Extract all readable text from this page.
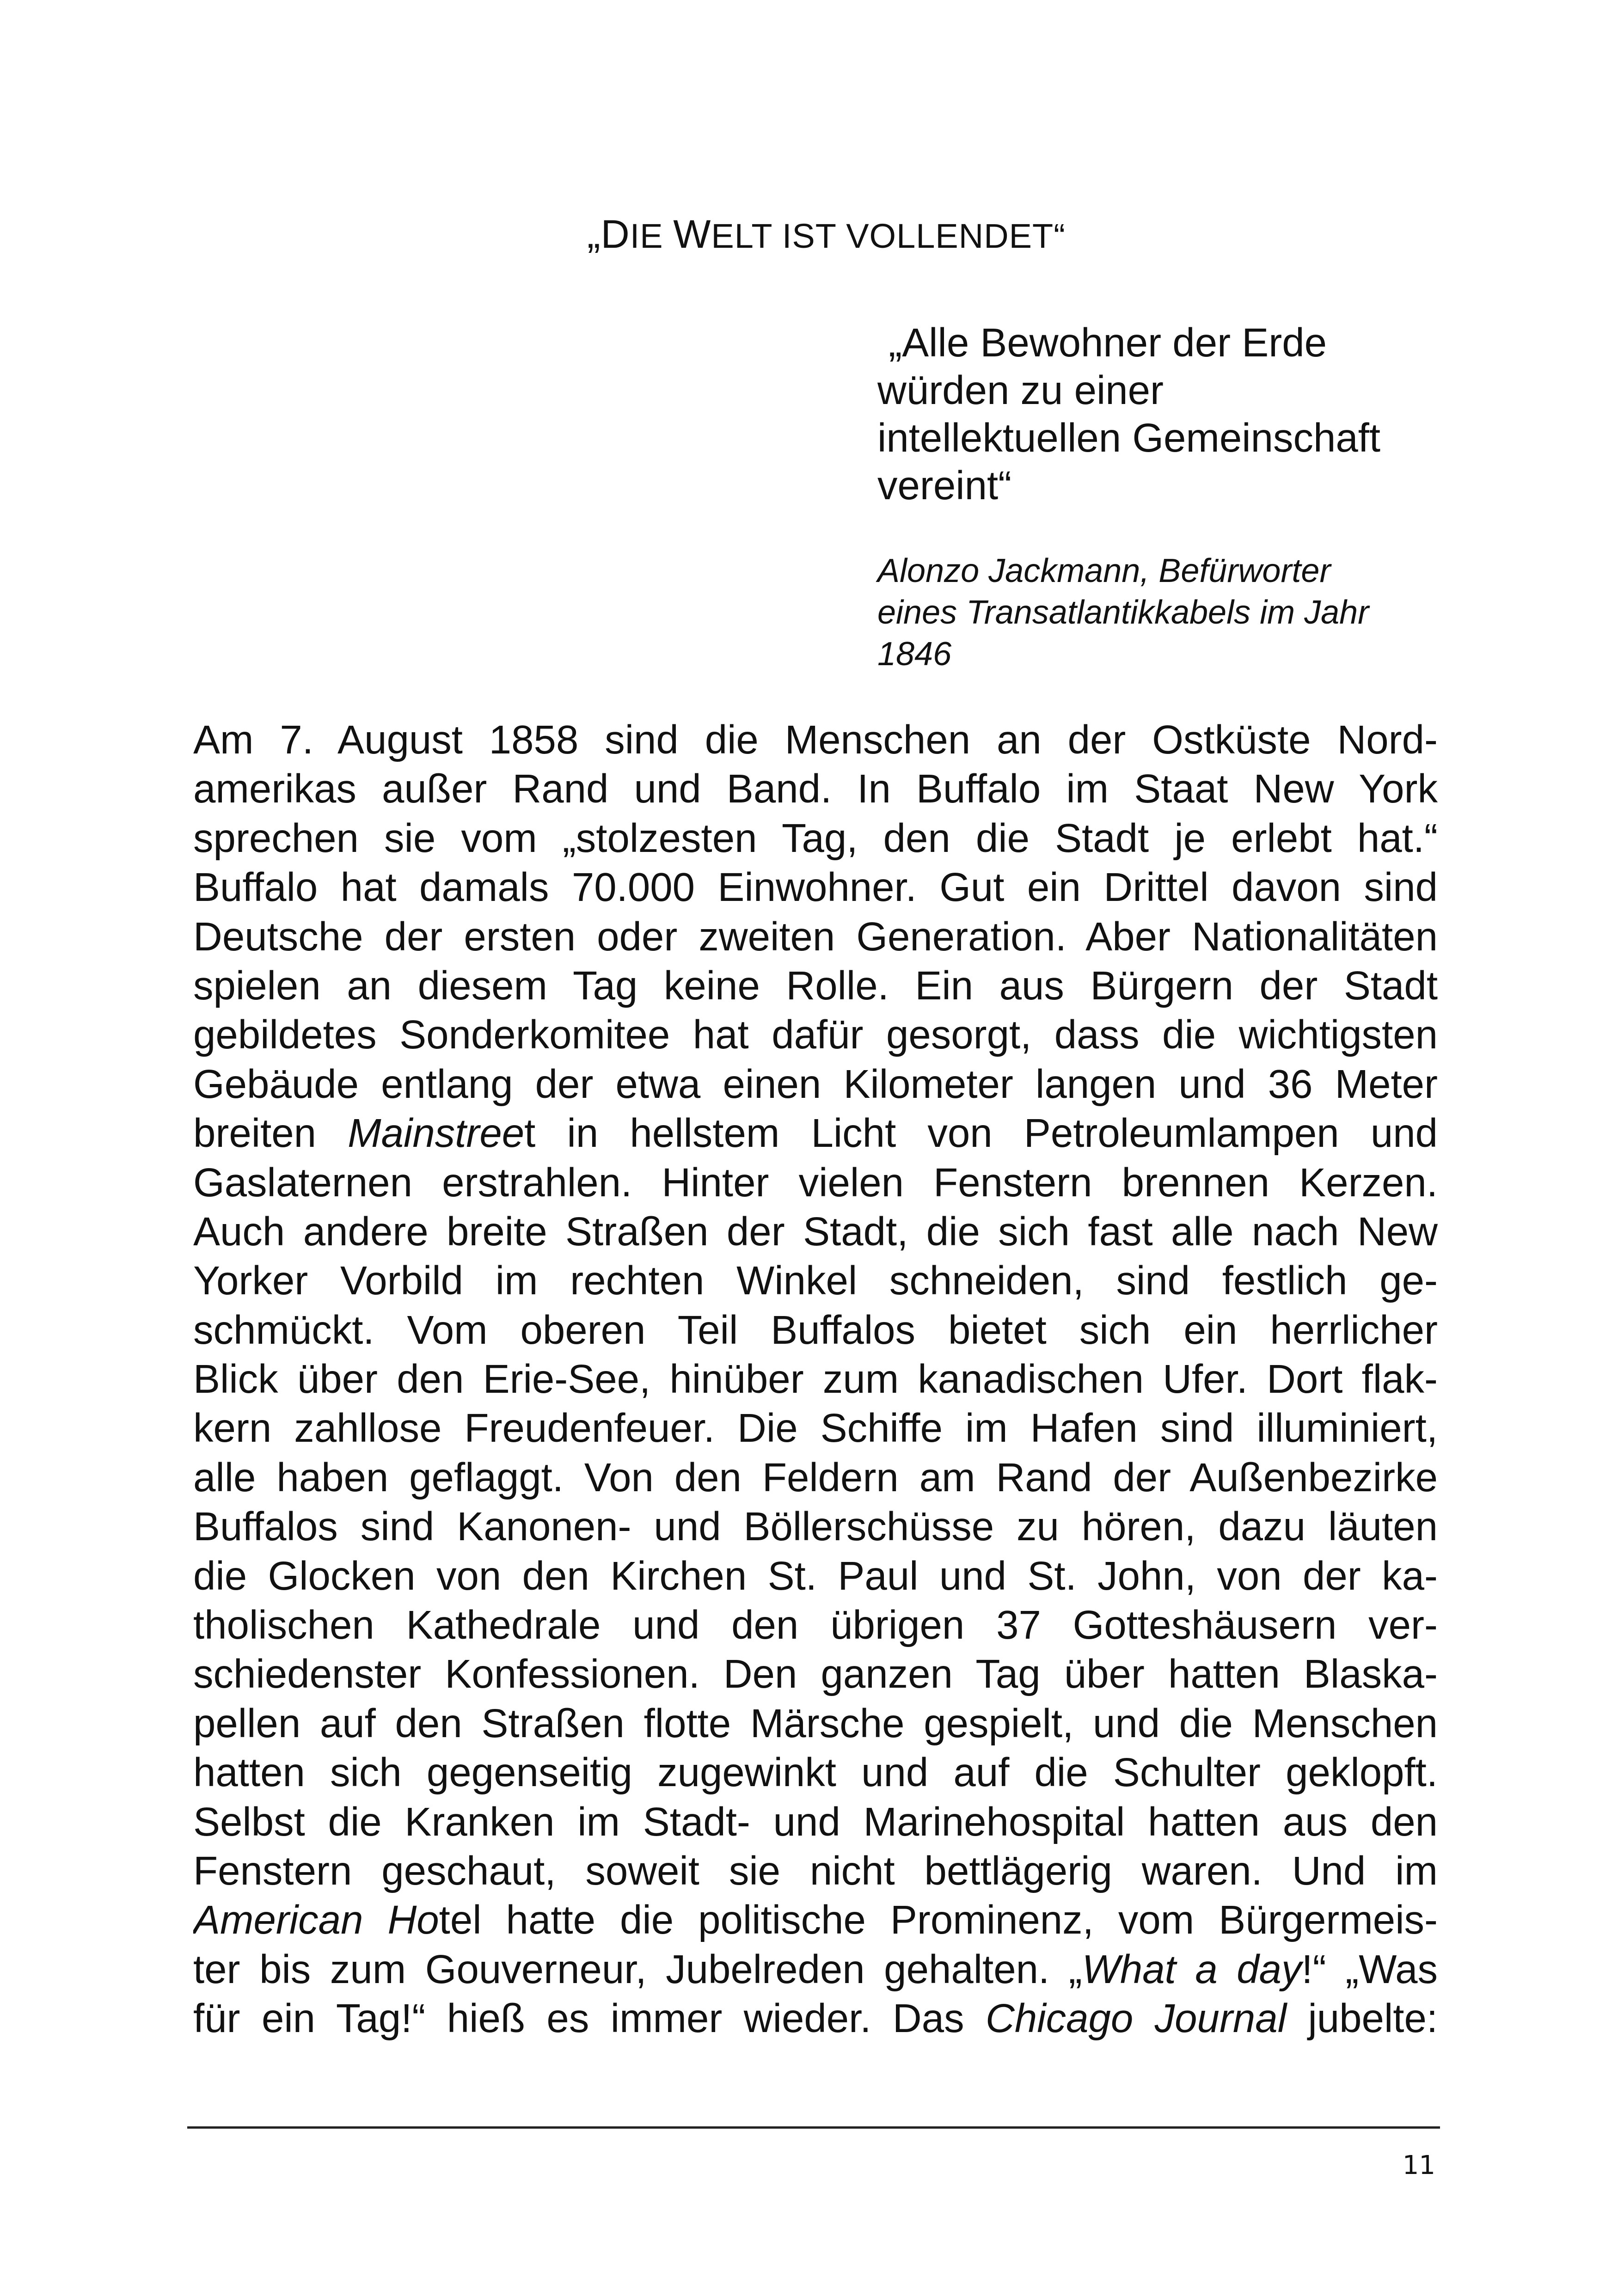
„DIE WELT IST VOLLENDET“

„Alle Bewohner der Erde
würden zu einer
intellektuellen Gemeinschaft
vereint“

Alonzo Jackmann, Befürworter
eines Transatlantikkabels im Jahr
1846

Am 7. August 1858 sind die Menschen an der Ostküste Nord-
amerikas außer Rand und Band. In Buffalo im Staat New York
sprechen sie vom „stolzesten Tag, den die Stadt je erlebt hat.“
Buffalo hat damals 70.000 Einwohner. Gut ein Drittel davon sind
Deutsche der ersten oder zweiten Generation. Aber Nationalitäten
spielen an diesem Tag keine Rolle. Ein aus Bürgern der Stadt
gebildetes Sonderkomitee hat dafür gesorgt, dass die wichtigsten
Gebäude entlang der etwa einen Kilometer langen und 36 Meter
breiten Mainstreet in hellstem Licht von Petroleumlampen und
Gaslaternen erstrahlen. Hinter vielen Fenstern brennen Kerzen.
Auch andere breite Straßen der Stadt, die sich fast alle nach New
Yorker Vorbild im rechten Winkel schneiden, sind festlich ge-
schmückt. Vom oberen Teil Buffalos bietet sich ein herrlicher
Blick über den Erie-See, hinüber zum kanadischen Ufer. Dort flak-
kern zahllose Freudenfeuer. Die Schiffe im Hafen sind illuminiert,
alle haben geflaggt. Von den Feldern am Rand der Außenbezirke
Buffalos sind Kanonen- und Böllerschüsse zu hören, dazu läuten
die Glocken von den Kirchen St. Paul und St. John, von der ka-
tholischen Kathedrale und den übrigen 37 Gotteshäusern ver-
schiedenster Konfessionen. Den ganzen Tag über hatten Blaska-
pellen auf den Straßen flotte Märsche gespielt, und die Menschen
hatten sich gegenseitig zugewinkt und auf die Schulter geklopft.
Selbst die Kranken im Stadt- und Marinehospital hatten aus den
Fenstern geschaut, soweit sie nicht bettlägerig waren. Und im
American Hotel hatte die politische Prominenz, vom Bürgermeis-
ter bis zum Gouverneur, Jubelreden gehalten. „What a day!“ „Was
für ein Tag!“ hieß es immer wieder. Das Chicago Journal jubelte:
11
